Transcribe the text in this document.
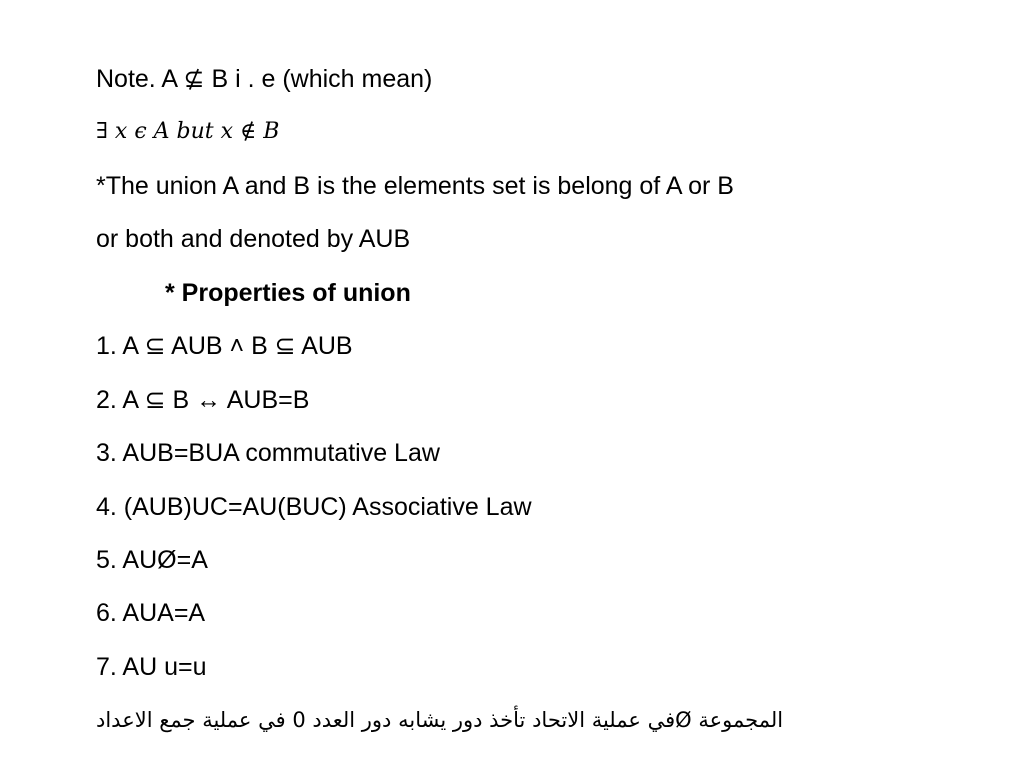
Note. A ⊈ B i . e (which mean)
∃ 𝑥 𝜖 𝐴 𝑏𝑢𝑡 𝑥 ∉ 𝐵
*The union A and B is the elements set is belong of A or B
or both and denoted by AUB
* Properties of union
1. A ⊆ AUB ˄ B ⊆ AUB
2. A ⊆ B ↔ AUB=B
3. AUB=BUA commutative Law
4. (AUB)UC=AU(BUC) Associative Law
5. AUØ=A
6. AUA=A
7. AU u=u
المجموعة Øفي عملية الاتحاد تأخذ دور يشابه دور العدد 0 في عملية جمع الاعداد
